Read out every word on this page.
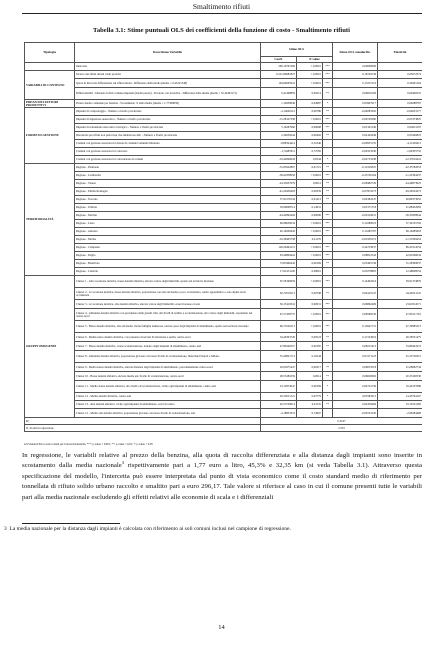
Smaltimento rifiuti
Tabella 3.1: Stime puntuali OLS dei coefficienti della funzione di costo - Smaltimento rifiuti
Tipologia	Descrizione Variabile	Stime OLS			Stime OLS standardiz.	Elasticità
		Coeff.	P-value			
	Intercetta	296,16767484	< 0,0001	***	0,00000000	
VARIABILI DI CONTESTO	Inverso dei rifiuti urbani totali prodotti	6.221,86681827	< 0,0001	***	0,16749139	0,05672574
	Quota di Raccolta differenziata sui rifiuti urbani - Differenza dalla media (media = 0,45221548)	164,96065941	< 0,0001	***	0,15237116	0,29425164
	Rifiuti smaltiti - Distanza in Km comune-impianti (media pesata) - Prodotto con incentive - Differenza dalla media (media = 32,34493171)	0,41498859	0,00214	**	0,06650106	0,09446255
PREZZI DEI FATTORI PRODUTTIVI	Prezzo medio comunale per benzina - Scostamento % dalla media (media = 1,77368958)	1,19958649	0,04987	*	0,03907917	0,06288787
FORME DI GESTIONE	Impianti di compostaggio - Numero a livello provinciale	-2,14692112	0,00786	**	-0,04083392	-0,04633177
	Impianti di digestione anaerobica - Numero a livello provinciale	-15,28127358	< 0,0001	***	-0,09729580	-0,05373825
	Impianti di trattamento meccanico biologico - Numero a livello provinciale	5,16267960	0,00068	***	0,05191340	0,04631197
	Discariche per rifiuti non pericolosi che smaltiscono RU - Numero a livello provinciale	2,34639244	0,00492	**	0,04102449	0,03426825
	Comuni con gestione associata in Unione di comuni/Comunità Montana	-8,88324414	0,32346		-0,00955135	-4,11459413
	Comuni con gestione associata in Consorzio	-1,74487611	0,72782		-0,00313330	-1,09335752
	Comuni con gestione associata in Convenzione di comuni	-19,42849043	0,0544	*	-0,02715238	-12,37619441
TERRITORIALITÀ	Regione - Piemonte	-31,85622867	0,01721	**	-0,10118325	-22,33782653
	Regione - Lombardia	-38,41858956	< 0,0001	***	-0,23726194	-11,22394437
	Regione - Veneto	-24,33637679	0,0012	**	-0,08482729	-24,46873925
	Regione - Emilia Romagna	-41,29436493	0,00259	**	-0,07811073	-29,26543473
	Regione - Toscana	57,91276134	0,01413	**	0,06181047	26,86373952
	Regione - Umbria	30,99698714	0,14631		0,03171718	21,88432983
	Regione - Marche	-44,42892494	0,00006	***	-0,06110631	-39,33958944
	Regione - Lazio	66,98038234	< 0,0001	***	0,11680023	57,34745792
	Regione - Abruzzo	92,14009445	< 0,0001	***	0,13282787	69,16285618
	Regione - Molise	-16,38405758	0,41176		-0,01959172	-11,53509452
	Regione - Campania	126,26494151	< 0,0001	***	0,24733937	89,43314554
	Regione - Puglia	63,46809424	< 0,0001	***	0,08812542	42,61096634
	Regione - Basilicata	72,83496442	0,00169	**	0,05465136	51,28309037
	Regione - Calabria	17,91431120	0,28061		0,03278865	12,48098554
GRUPPI OMOGENEI	Cluster 1 - Alta vocazione turistica, bassa densità abitativa, elevato valore degli immobili, spazio nel territorio montano	97,58196659	< 0,0001	***	0,14491916	59,91374876
	Cluster 2 - A vocazione turistica, bassa densità abitativa, popolazione con alta età media e poco scolarizzata, centro appenninico e area alpina nord-occidentale	62,79518113	0,00798	**	0,04419147	44,46521125
	Cluster 3 - A vocazione turistica, alta densità abitativa, elevato valore degli immobili, zone litoranee e isole	36,15419341	0,00031	***	0,06862406	23,61814571
	Cluster 4 - Altissima densità abitativa con prevalenza delle grandi città, alti livelli di reddito e scolarizzazione, alto valore degli immobili, soprattutto nel centro-nord	67,57438775	< 0,0001	***	0,08589530	47,83217161
	Cluster 5 - Bassa densità abitativa, alta età media, molte famiglie numerose, elevato peso degli impianti di smaltimento, spazio nel territorio montano	66,79126113	< 0,0001	***	0,13641731	47,29985313
	Cluster 6 - Media-bassa densità abitativa, con presenza di servizi di istruzione e sanità, centro-nord	34,46393726	0,00523	**	0,11523919	26,58551475
	Cluster 7 - Bassa densità abitativa, scarsa scolarizzazione, lontano dagli impianti di smaltimento, centro-sud	47,86246357	0,00185	**	0,08215413	33,89441972
	Cluster 8 - Altissima densità abitativa, popolazione giovane con basso livello di scolarizzazione, hinterland Napoli e Milano	35,46821713	0,10244		0,03171123	25,35726315
	Cluster 9 - Medio-bassa densità abitativa, elevata distanza dagli impianti di smaltimento, prevalentemente centro-nord	29,93975447	0,00317	**	0,06053518	21,08082734
	Cluster 10 - Bassa densità abitativa, elevata media età, livello di scolarizzazione, centro-nord	28,55282259	0,0014	**	0,06020992	20,33100530
	Cluster 11 - Medio-bassa densità abitativa, alto livello di scolarizzazione, vicino agli impianti di smaltimento, centro-sud	23,12874047	0,06169	*	0,04721539	16,40137686
	Cluster 12 - Media densità abitativa, centro-sud	20,33615121	0,05779	*	0,05583213	14,43794167
	Cluster 13 - Alta densità abitativa, vicino agli impianti di smaltimento, nord di centro	26,53756014	0,01155	**	0,04339469	19,74521282
	Cluster 12 - Medio alta densità abitativa, popolazione giovane con basso livello di scolarizzazione, sud	-4,18833374	0,74607		-0,00743120	-2,96284468
R²		0,3167				
N. di enti in regressione		2.353				
Gli Standard Error sono robusti per l'eteroschedasticità, ***: p-value < 0,001; **: p-value < 0,01; *: p-value < 0,05

In regressione, le variabili relative al prezzo della benzina, alla quota di raccolta differenziata e alla distanza dagli impianti sono inserite in scostamento dalla media nazionale$^3$ rispettivamente pari a 1,77 euro a litro, 45,3% e 32,35 km (si veda Tabella 3.1). Attraverso questa specificazione del modello, l'intercetta può essere interpretata dal punto di vista economico come il costo standard medio di riferimento per tonnellata di rifiuto solido urbano raccolto e smaltito pari a euro 296,17. Tale valore si riferisce al caso in cui il comune presenti tutte le variabili pari alla media nazionale escludendo gli effetti relativi alle economie di scala e i differenziali

3 La media nazionale per la distanza dagli impianti è calcolata con riferimento ai soli comuni inclusi nel campione di regressione.

14
